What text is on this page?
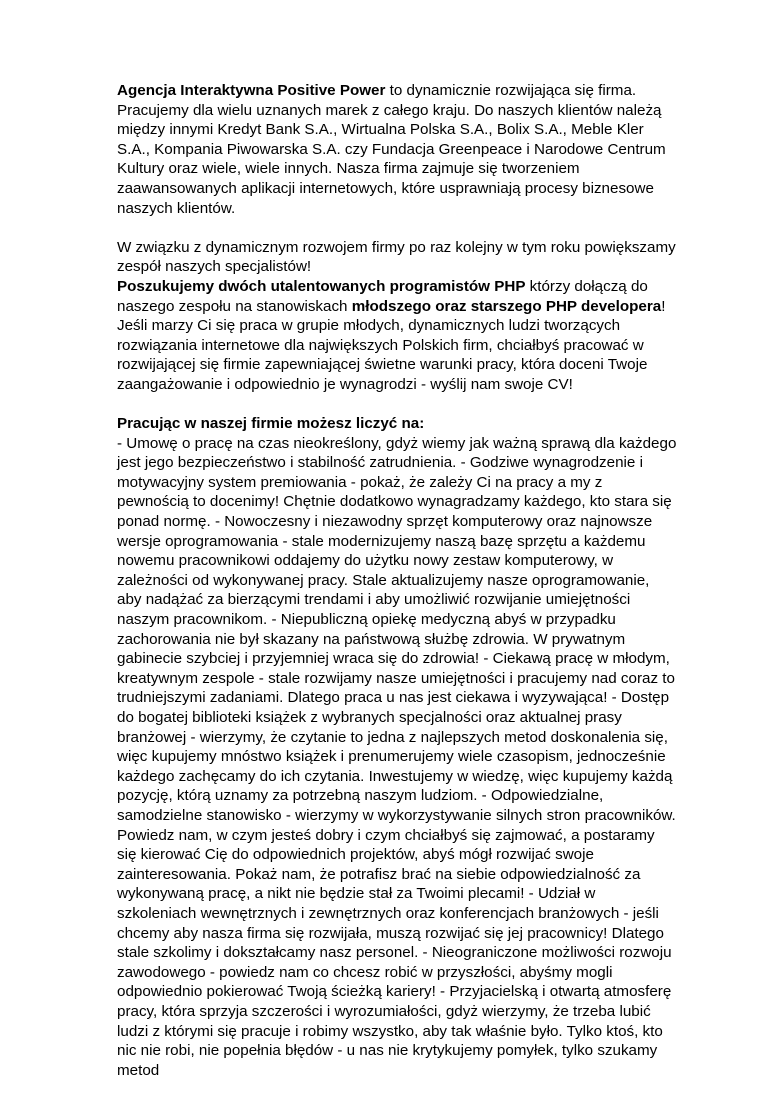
Agencja Interaktywna Positive Power to dynamicznie rozwijająca się firma. Pracujemy dla wielu uznanych marek z całego kraju. Do naszych klientów należą między innymi Kredyt Bank S.A., Wirtualna Polska S.A., Bolix S.A., Meble Kler S.A., Kompania Piwowarska S.A. czy Fundacja Greenpeace i Narodowe Centrum Kultury oraz wiele, wiele innych. Nasza firma zajmuje się tworzeniem zaawansowanych aplikacji internetowych, które usprawniają procesy biznesowe naszych klientów.

W związku z dynamicznym rozwojem firmy po raz kolejny w tym roku powiększamy zespół naszych specjalistów!

Poszukujemy dwóch utalentowanych programistów PHP którzy dołączą do naszego zespołu na stanowiskach młodszego oraz starszego PHP developera! Jeśli marzy Ci się praca w grupie młodych, dynamicznych ludzi tworzących rozwiązania internetowe dla największych Polskich firm, chciałbyś pracować w rozwijającej się firmie zapewniającej świetne warunki pracy, która doceni Twoje zaangażowanie i odpowiednio je wynagrodzi - wyślij nam swoje CV!

Pracując w naszej firmie możesz liczyć na:

- Umowę o pracę na czas nieokreślony, gdyż wiemy jak ważną sprawą dla każdego jest jego bezpieczeństwo i stabilność zatrudnienia. - Godziwe wynagrodzenie i motywacyjny system premiowania - pokaż, że zależy Ci na pracy a my z pewnością to docenimy! Chętnie dodatkowo wynagradzamy każdego, kto stara się ponad normę. - Nowoczesny i niezawodny sprzęt komputerowy oraz najnowsze wersje oprogramowania - stale modernizujemy naszą bazę sprzętu a każdemu nowemu pracownikowi oddajemy do użytku nowy zestaw komputerowy, w zależności od wykonywanej pracy. Stale aktualizujemy nasze oprogramowanie, aby nadążać za bierzącymi trendami i aby umożliwić rozwijanie umiejętności naszym pracownikom. - Niepubliczną opiekę medyczną abyś w przypadku zachorowania nie był skazany na państwową służbę zdrowia. W prywatnym gabinecie szybciej i przyjemniej wraca się do zdrowia! - Ciekawą pracę w młodym, kreatywnym zespole - stale rozwijamy nasze umiejętności i pracujemy nad coraz to trudniejszymi zadaniami. Dlatego praca u nas jest ciekawa i wyzywająca! - Dostęp do bogatej biblioteki książek z wybranych specjalności oraz aktualnej prasy branżowej - wierzymy, że czytanie to jedna z najlepszych metod doskonalenia się, więc kupujemy mnóstwo książek i prenumerujemy wiele czasopism, jednocześnie każdego zachęcamy do ich czytania. Inwestujemy w wiedzę, więc kupujemy każdą pozycję, którą uznamy za potrzebną naszym ludziom. - Odpowiedzialne, samodzielne stanowisko - wierzymy w wykorzystywanie silnych stron pracowników. Powiedz nam, w czym jesteś dobry i czym chciałbyś się zajmować, a postaramy się kierować Cię do odpowiednich projektów, abyś mógł rozwijać swoje zainteresowania. Pokaż nam, że potrafisz brać na siebie odpowiedzialność za wykonywaną pracę, a nikt nie będzie stał za Twoimi plecami! - Udział w szkoleniach wewnętrznych i zewnętrznych oraz konferencjach branżowych - jeśli chcemy aby nasza firma się rozwijała, muszą rozwijać się jej pracownicy! Dlatego stale szkolimy i dokształcamy nasz personel. - Nieograniczone możliwości rozwoju zawodowego - powiedz nam co chcesz robić w przyszłości, abyśmy mogli odpowiednio pokierować Twoją ścieżką kariery! - Przyjacielską i otwartą atmosferę pracy, która sprzyja szczerości i wyrozumiałości, gdyż wierzymy, że trzeba lubić ludzi z którymi się pracuje i robimy wszystko, aby tak właśnie było. Tylko ktoś, kto nic nie robi, nie popełnia błędów - u nas nie krytykujemy pomyłek, tylko szukamy metod
